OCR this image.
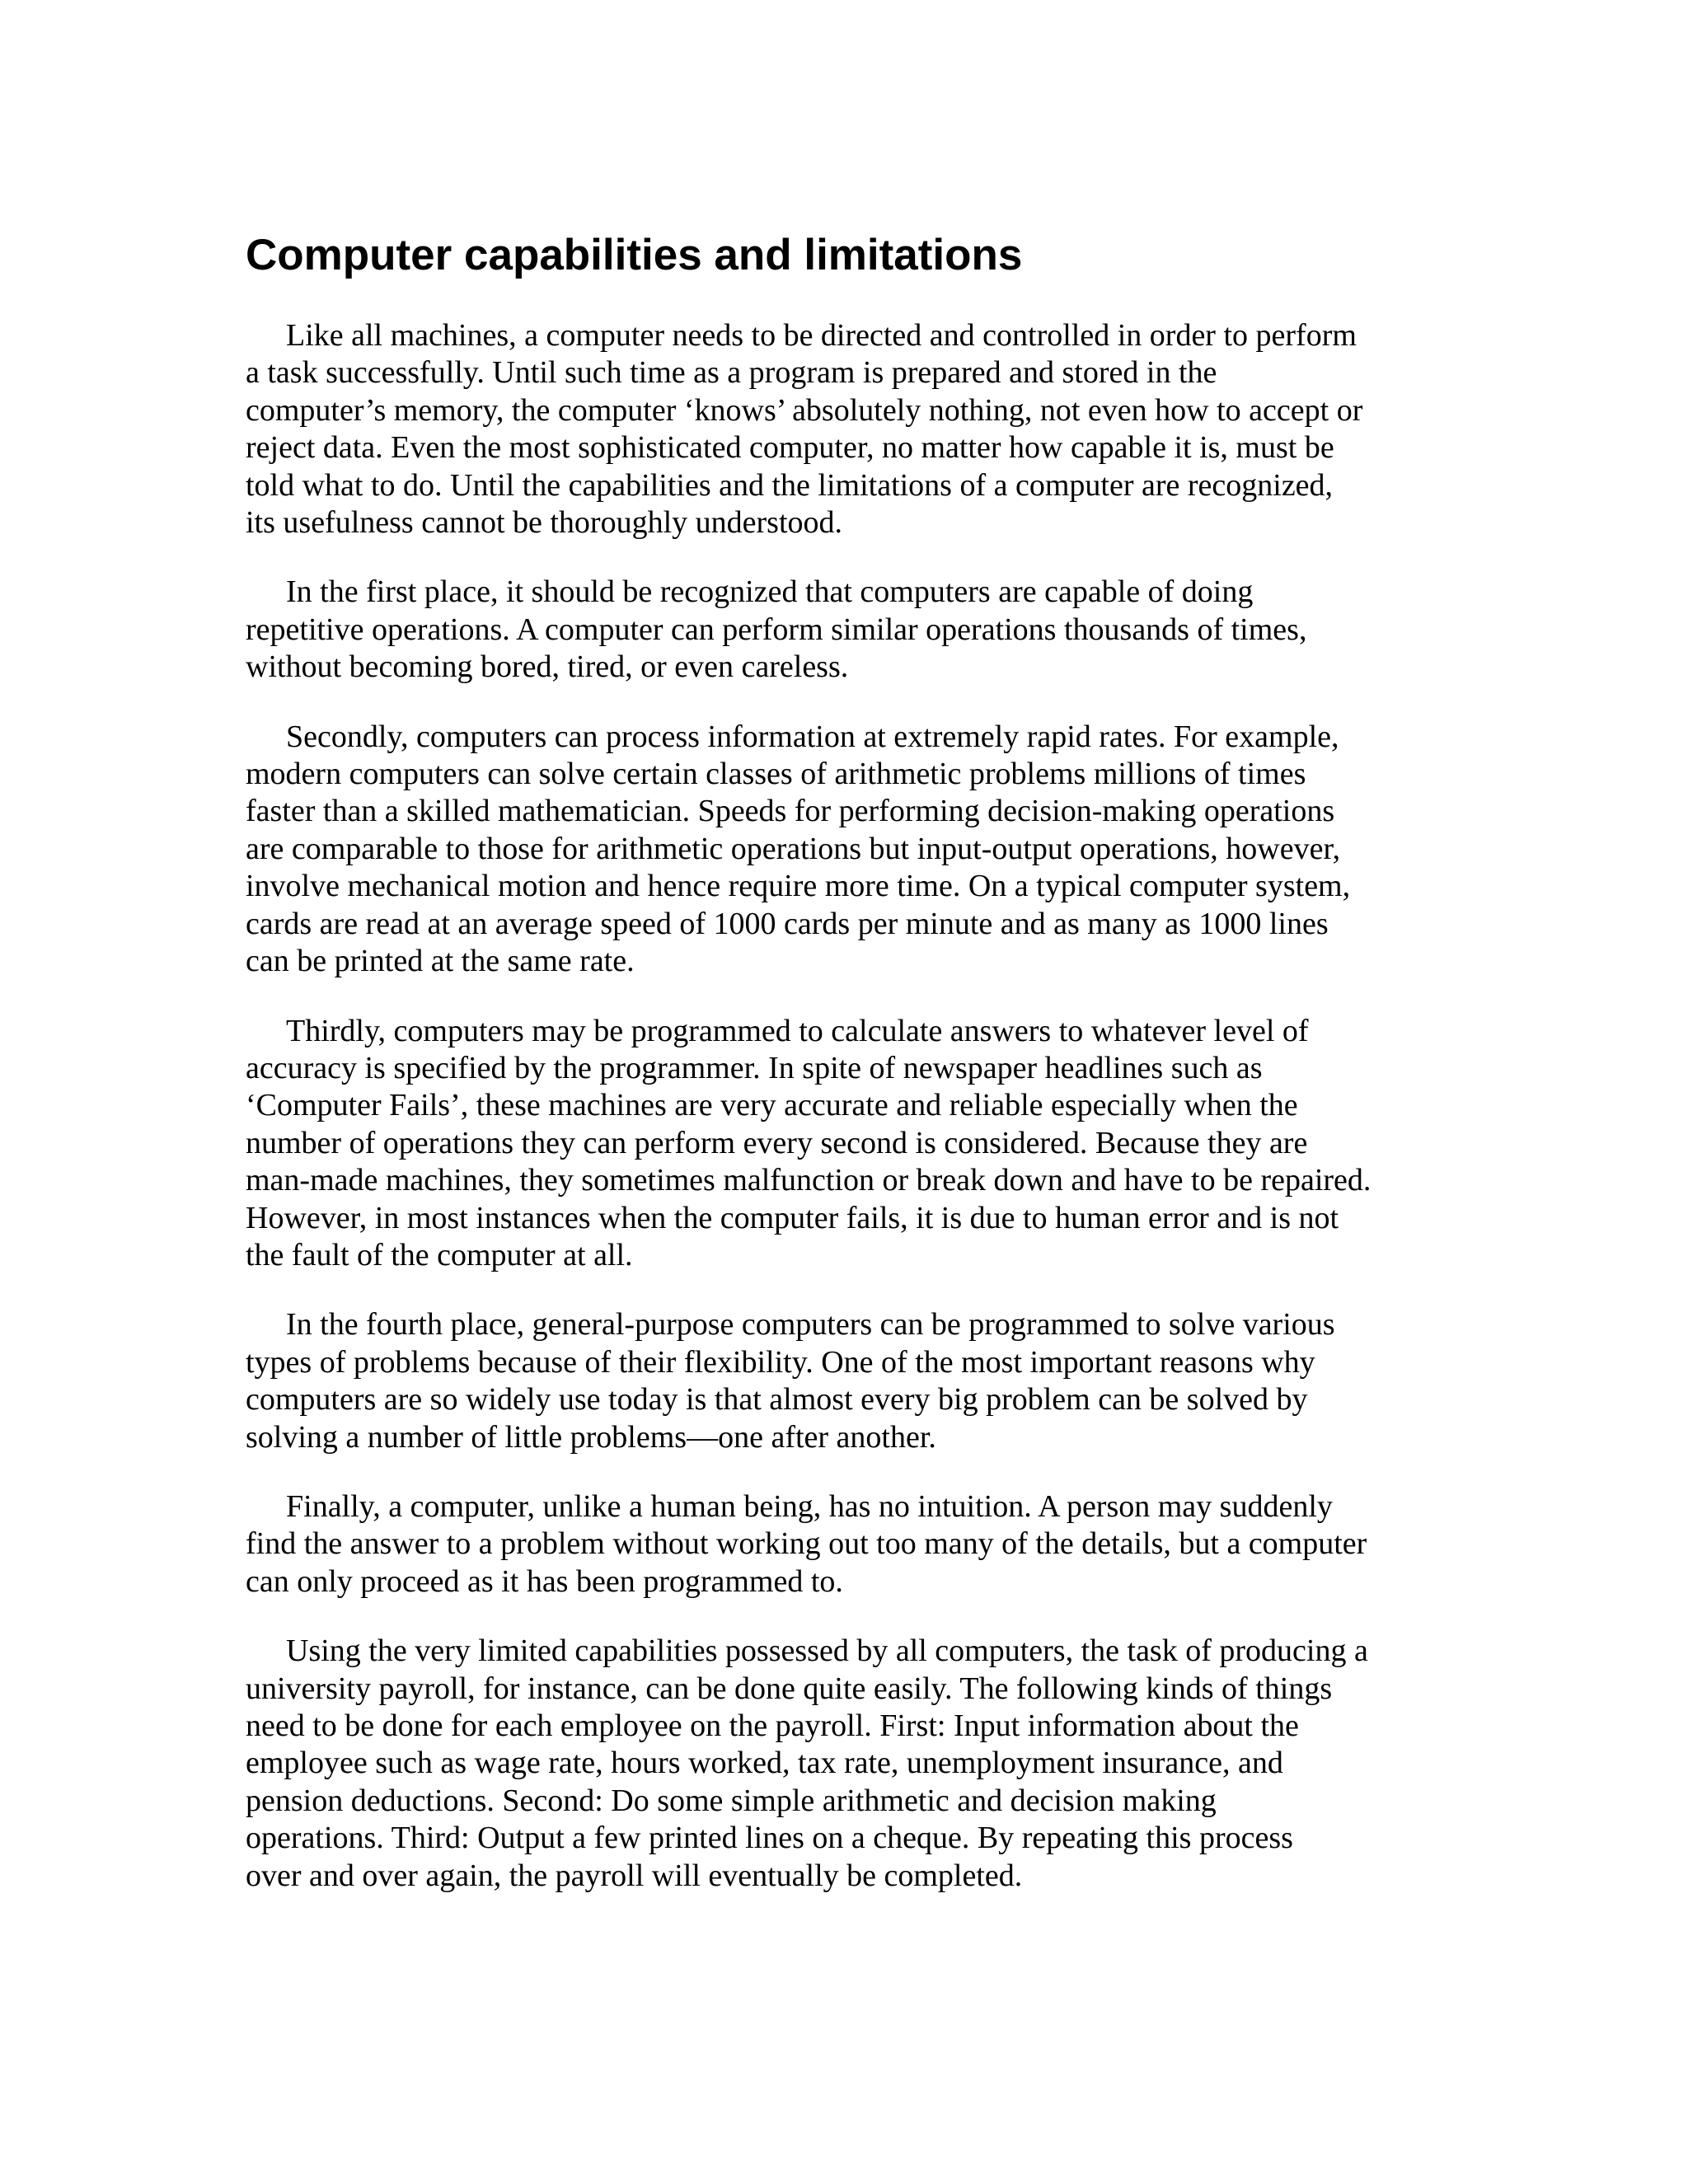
Computer capabilities and limitations

Like all machines, a computer needs to be directed and controlled in order to perform
a task successfully. Until such time as a program is prepared and stored in the
computer’s memory, the computer ‘knows’ absolutely nothing, not even how to accept or
reject data. Even the most sophisticated computer, no matter how capable it is, must be
told what to do. Until the capabilities and the limitations of a computer are recognized,
its usefulness cannot be thoroughly understood.

In the first place, it should be recognized that computers are capable of doing
repetitive operations. A computer can perform similar operations thousands of times,
without becoming bored, tired, or even careless.

Secondly, computers can process information at extremely rapid rates. For example,
modern computers can solve certain classes of arithmetic problems millions of times
faster than a skilled mathematician. Speeds for performing decision-making operations
are comparable to those for arithmetic operations but input-output operations, however,
involve mechanical motion and hence require more time. On a typical computer system,
cards are read at an average speed of 1000 cards per minute and as many as 1000 lines
can be printed at the same rate.

Thirdly, computers may be programmed to calculate answers to whatever level of
accuracy is specified by the programmer. In spite of newspaper headlines such as
‘Computer Fails’, these machines are very accurate and reliable especially when the
number of operations they can perform every second is considered. Because they are
man-made machines, they sometimes malfunction or break down and have to be repaired.
However, in most instances when the computer fails, it is due to human error and is not
the fault of the computer at all.

In the fourth place, general-purpose computers can be programmed to solve various
types of problems because of their flexibility. One of the most important reasons why
computers are so widely use today is that almost every big problem can be solved by
solving a number of little problems—one after another.

Finally, a computer, unlike a human being, has no intuition. A person may suddenly
find the answer to a problem without working out too many of the details, but a computer
can only proceed as it has been programmed to.

Using the very limited capabilities possessed by all computers, the task of producing a
university payroll, for instance, can be done quite easily. The following kinds of things
need to be done for each employee on the payroll. First: Input information about the
employee such as wage rate, hours worked, tax rate, unemployment insurance, and
pension deductions. Second: Do some simple arithmetic and decision making
operations. Third: Output a few printed lines on a cheque. By repeating this process
over and over again, the payroll will eventually be completed.
